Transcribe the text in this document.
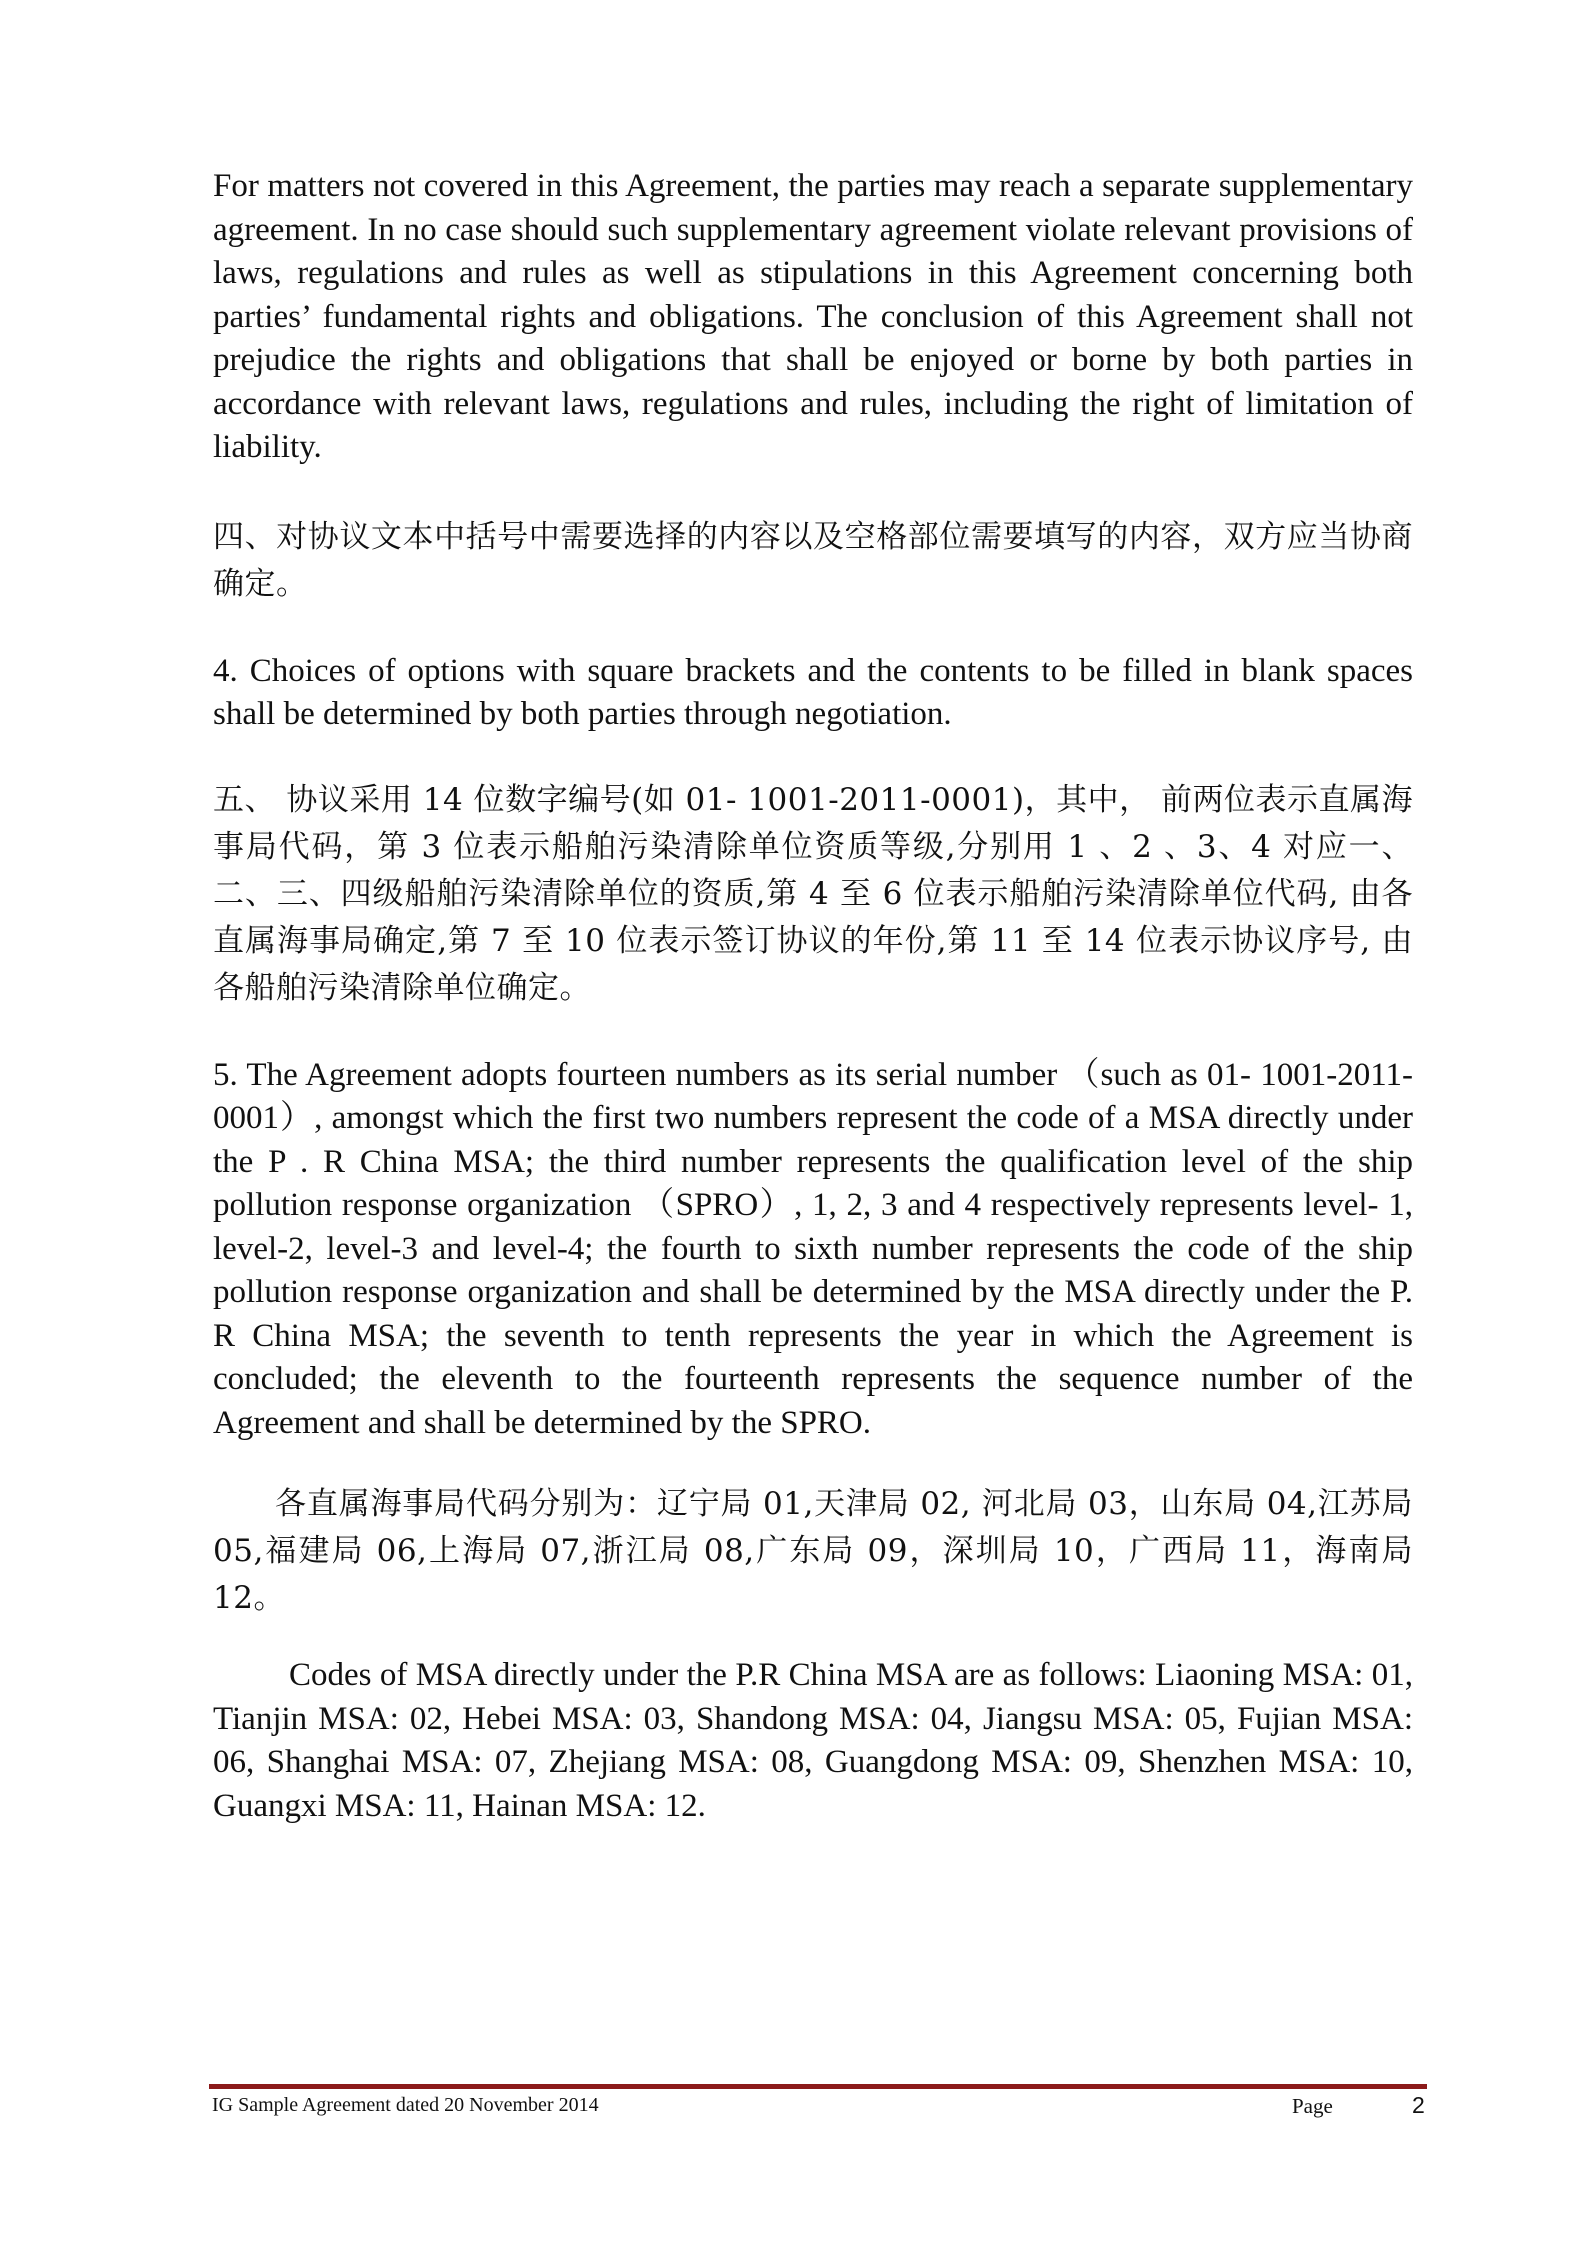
For matters not covered in this Agreement, the parties may reach a separate supplementary agreement. In no case should such supplementary agreement violate relevant provisions of laws, regulations and rules as well as stipulations in this Agreement concerning both parties’ fundamental rights and obligations. The conclusion of this Agreement shall not prejudice the rights and obligations that shall be enjoyed or borne by both parties in accordance with relevant laws, regulations and rules, including the right of limitation of liability.

四、对协议文本中括号中需要选择的内容以及空格部位需要填写的内容，双方应当协商确定。

4. Choices of options with square brackets and the contents to be filled in blank spaces shall be determined by both parties through negotiation.

五、 协议采用 14 位数字编号(如 01- 1001-2011-0001)，其中， 前两位表示直属海事局代码，第 3 位表示船舶污染清除单位资质等级,分别用 1 、2 、3、4 对应一、二、三、四级船舶污染清除单位的资质,第 4 至 6 位表示船舶污染清除单位代码, 由各直属海事局确定,第 7 至 10 位表示签订协议的年份,第 11 至 14 位表示协议序号, 由各船舶污染清除单位确定。

5. The Agreement adopts fourteen numbers as its serial number （such as 01- 1001-2011-0001）, amongst which the first two numbers represent the code of a MSA directly under the P . R China MSA; the third number represents the qualification level of the ship pollution response organization （SPRO）, 1, 2, 3 and 4 respectively represents level- 1, level-2, level-3 and level-4; the fourth to sixth number represents the code of the ship pollution response organization and shall be determined by the MSA directly under the P. R China MSA; the seventh to tenth represents the year in which the Agreement is concluded; the eleventh to the fourteenth represents the sequence number of the Agreement and shall be determined by the SPRO.

各直属海事局代码分别为：辽宁局 01,天津局 02, 河北局 03，山东局 04,江苏局 05,福建局 06,上海局 07,浙江局 08,广东局 09，深圳局 10，广西局 11，海南局 12。

Codes of MSA directly under the P.R China MSA are as follows: Liaoning MSA: 01, Tianjin MSA: 02, Hebei MSA: 03, Shandong MSA: 04, Jiangsu MSA: 05, Fujian MSA: 06, Shanghai MSA: 07, Zhejiang MSA: 08, Guangdong MSA: 09, Shenzhen MSA: 10, Guangxi MSA: 11, Hainan MSA: 12.

IG Sample Agreement dated 20 November 2014	Page	2
